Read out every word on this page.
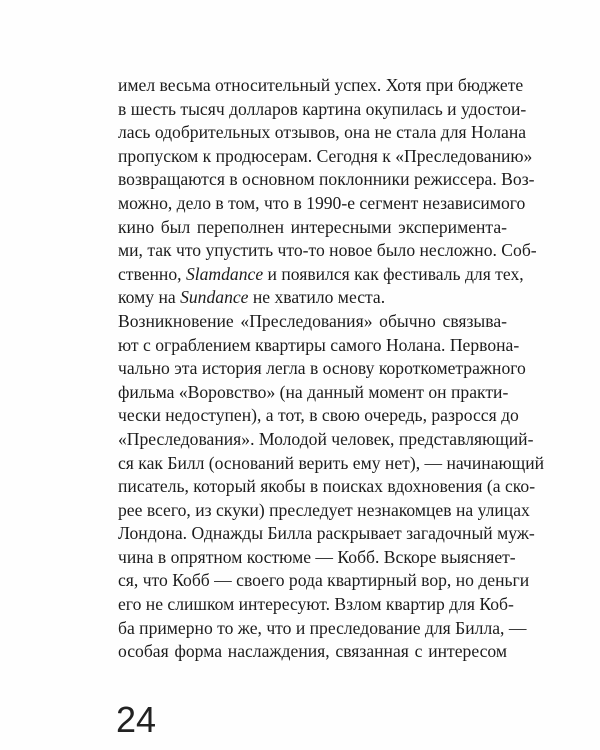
имел весьма относительный успех. Хотя при бюджете
в шесть тысяч долларов картина окупилась и удостои-
лась одобрительных отзывов, она не стала для Нолана
пропуском к продюсерам. Сегодня к «Преследованию»
возвращаются в основном поклонники режиссера. Воз-
можно, дело в том, что в 1990-е сегмент независимого
кино был переполнен интересными эксперимента-
ми, так что упустить что-то новое было несложно. Соб-
ственно, Slamdance и появился как фестиваль для тех,
кому на Sundance не хватило места.
Возникновение «Преследования» обычно связыва-
ют с ограблением квартиры самого Нолана. Первона-
чально эта история легла в основу короткометражного
фильма «Воровство» (на данный момент он практи-
чески недоступен), а тот, в свою очередь, разросся до
«Преследования». Молодой человек, представляющий-
ся как Билл (оснований верить ему нет), — начинающий
писатель, который якобы в поисках вдохновения (а ско-
рее всего, из скуки) преследует незнакомцев на улицах
Лондона. Однажды Билла раскрывает загадочный муж-
чина в опрятном костюме — Кобб. Вскоре выясняет-
ся, что Кобб — своего рода квартирный вор, но деньги
его не слишком интересуют. Взлом квартир для Коб-
ба примерно то же, что и преследование для Билла, —
особая форма наслаждения, связанная с интересом
24
